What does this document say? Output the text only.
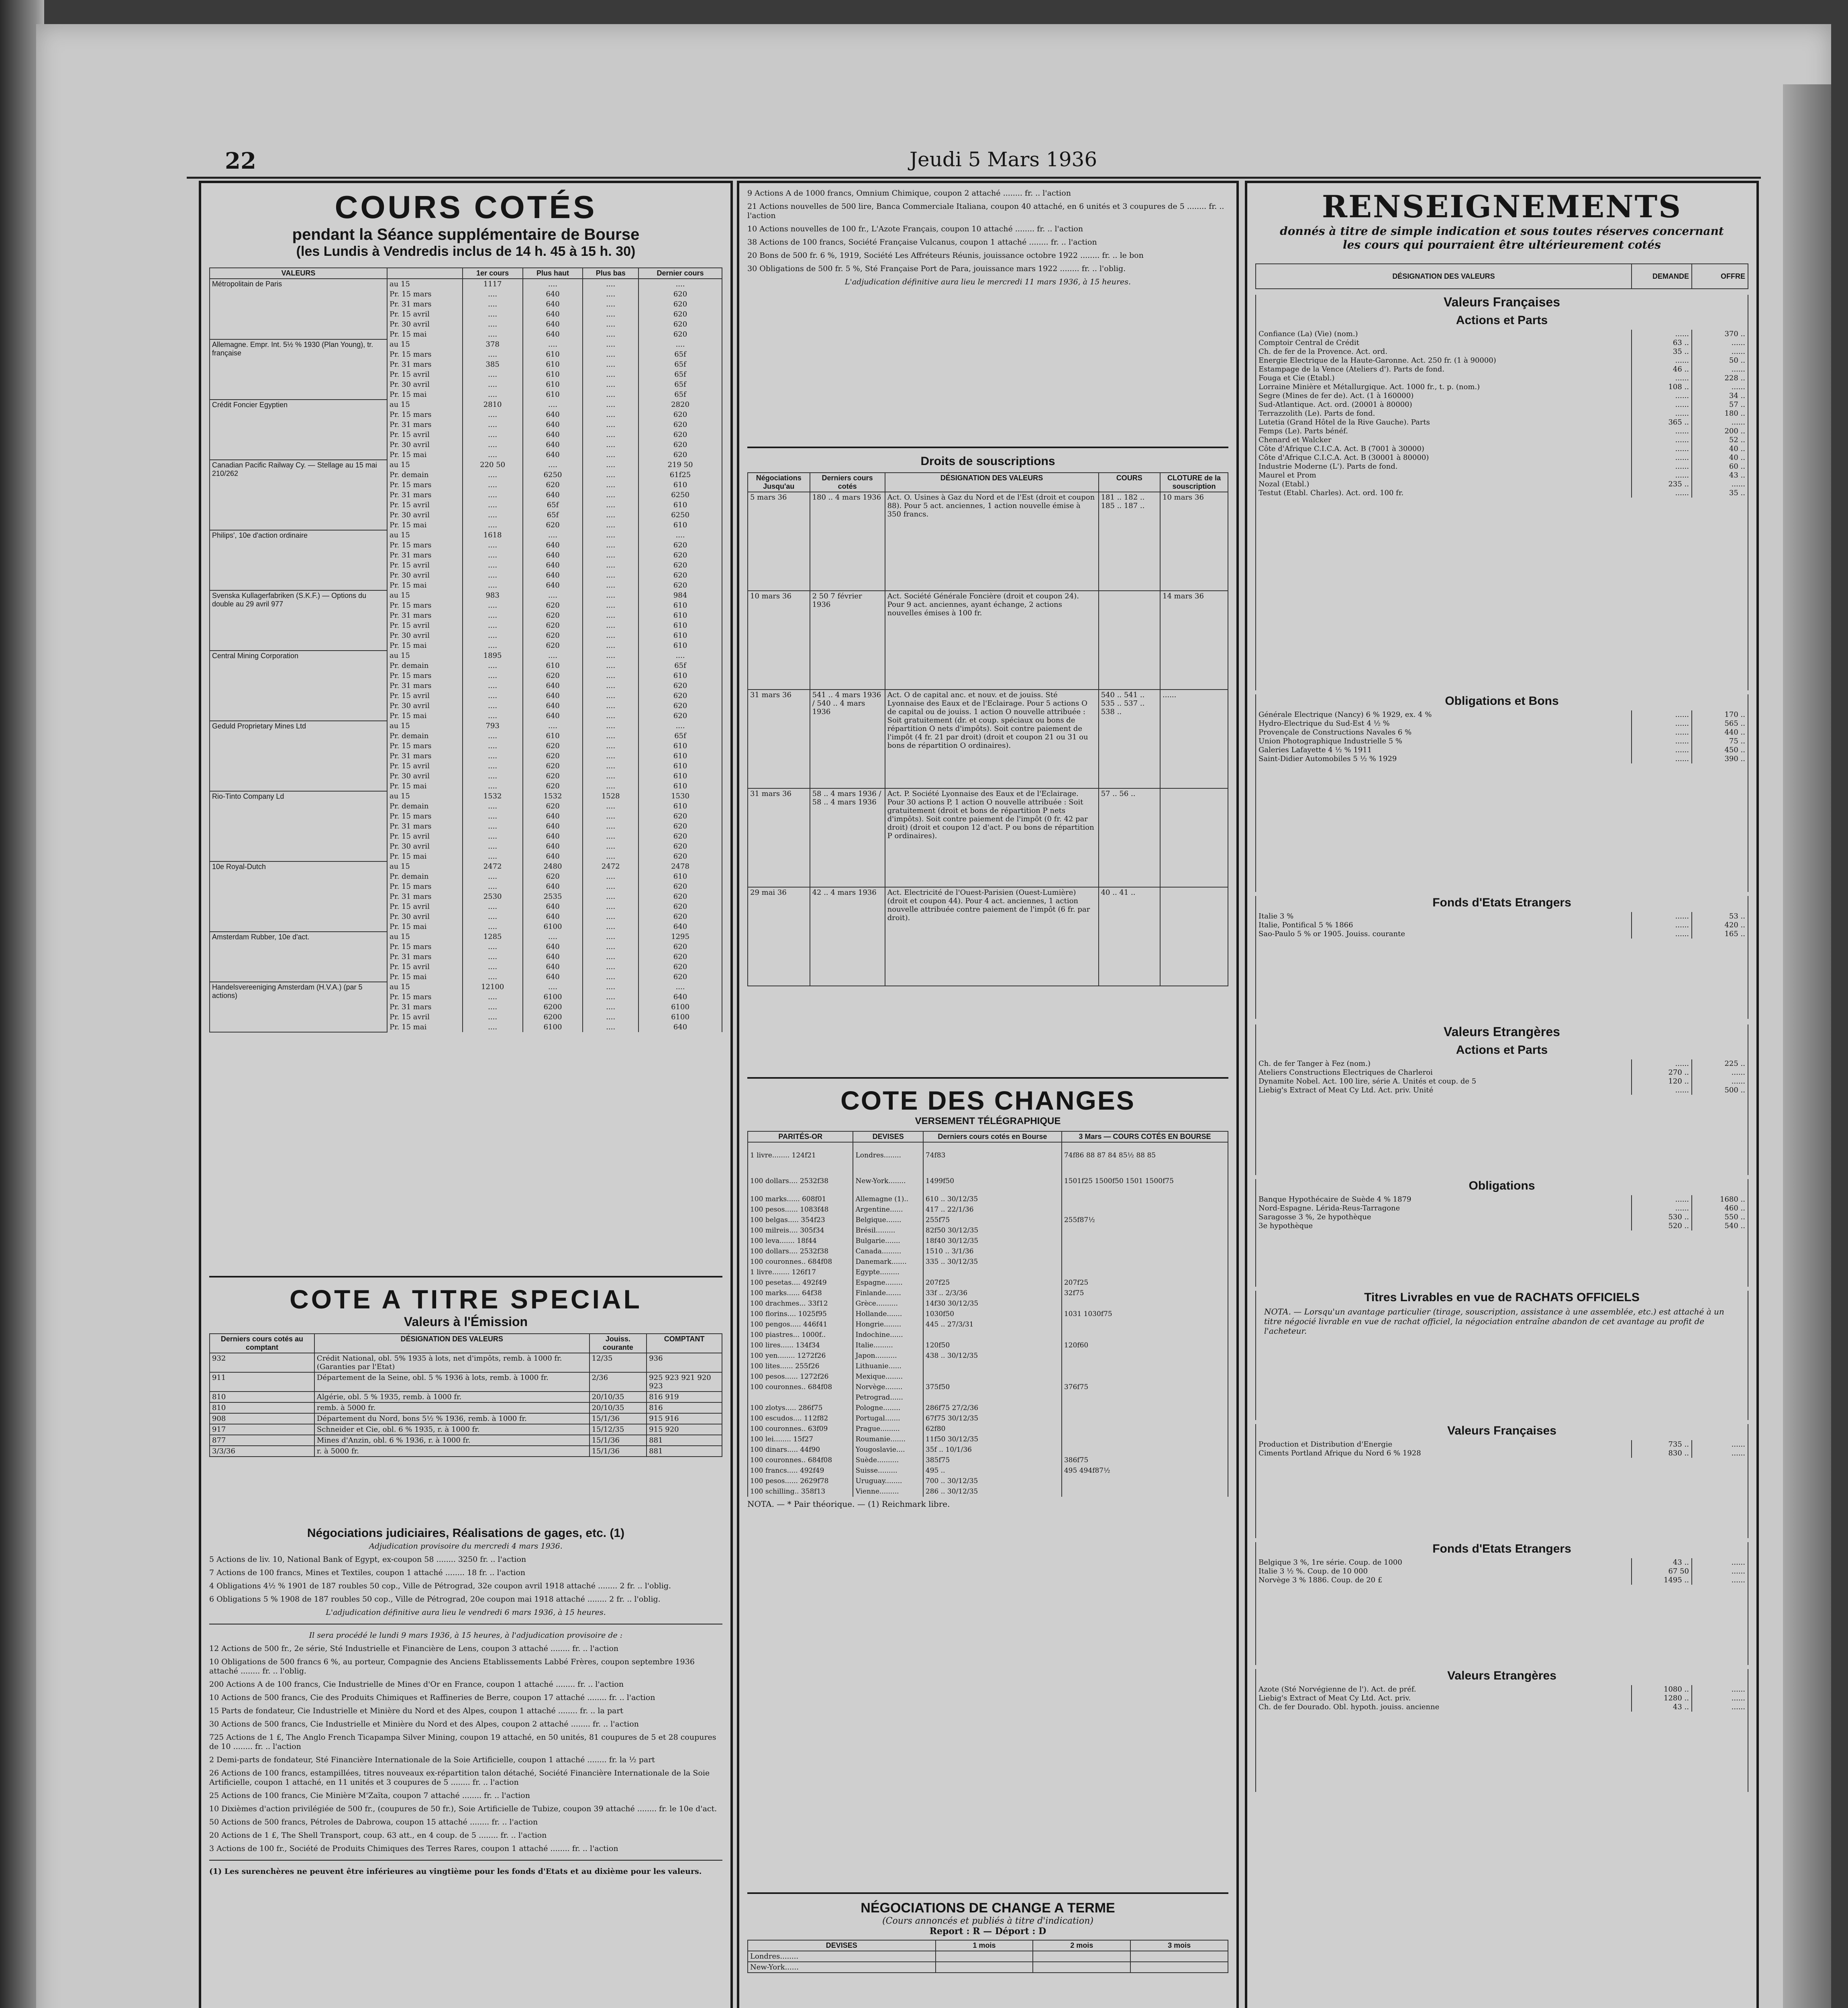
22	Jeudi 5 Mars 1936
COURS COTÉS
pendant la Séance supplémentaire de Bourse
(les Lundis à Vendredis inclus de 14 h. 45 à 15 h. 30)
VALEURS		1er cours	Plus haut	Plus bas	Dernier cours
Métropolitain de Paris	au 15	1117	....	....	....
	Pr. 15 mars	....	640	....	620
	Pr. 31 mars	....	640	....	620
	Pr. 15 avril	....	640	....	620
	Pr. 30 avril	....	640	....	620
	Pr. 15 mai	....	640	....	620
Allemagne. Empr. Int. 5½ % 1930 (Plan Young), tr. française	au 15	378	....	....	....
	Pr. 15 mars	....	610	....	65f
	Pr. 31 mars	385	610	....	65f
	Pr. 15 avril	....	610	....	65f
	Pr. 30 avril	....	610	....	65f
	Pr. 15 mai	....	610	....	65f
Crédit Foncier Egyptien	au 15	2810	....	....	2820
	Pr. 15 mars	....	640	....	620
	Pr. 31 mars	....	640	....	620
	Pr. 15 avril	....	640	....	620
	Pr. 30 avril	....	640	....	620
	Pr. 15 mai	....	640	....	620
Canadian Pacific Railway Cy. — Stellage au 15 mai 210/262	au 15	220 50	....	....	219 50
	Pr. demain	....	6250	....	61f25
	Pr. 15 mars	....	620	....	610
	Pr. 31 mars	....	640	....	6250
	Pr. 15 avril	....	65f	....	610
	Pr. 30 avril	....	65f	....	6250
	Pr. 15 mai	....	620	....	610
Philips', 10e d'action ordinaire	au 15	1618	....	....	....
	Pr. 15 mars	....	640	....	620
	Pr. 31 mars	....	640	....	620
	Pr. 15 avril	....	640	....	620
	Pr. 30 avril	....	640	....	620
	Pr. 15 mai	....	640	....	620
Svenska Kullagerfabriken (S.K.F.) — Options du double au 29 avril 977	au 15	983	....	....	984
	Pr. 15 mars	....	620	....	610
	Pr. 31 mars	....	620	....	610
	Pr. 15 avril	....	620	....	610
	Pr. 30 avril	....	620	....	610
	Pr. 15 mai	....	620	....	610
Central Mining Corporation	au 15	1895	....	....	....
	Pr. demain	....	610	....	65f
	Pr. 15 mars	....	620	....	610
	Pr. 31 mars	....	640	....	620
	Pr. 15 avril	....	640	....	620
	Pr. 30 avril	....	640	....	620
	Pr. 15 mai	....	640	....	620
Geduld Proprietary Mines Ltd	au 15	793	....	....	....
	Pr. demain	....	610	....	65f
	Pr. 15 mars	....	620	....	610
	Pr. 31 mars	....	620	....	610
	Pr. 15 avril	....	620	....	610
	Pr. 30 avril	....	620	....	610
	Pr. 15 mai	....	620	....	610
Rio-Tinto Company Ld	au 15	1532	1532	1528	1530
	Pr. demain	....	620	....	610
	Pr. 15 mars	....	640	....	620
	Pr. 31 mars	....	640	....	620
	Pr. 15 avril	....	640	....	620
	Pr. 30 avril	....	640	....	620
	Pr. 15 mai	....	640	....	620
10e Royal-Dutch	au 15	2472	2480	2472	2478
	Pr. demain	....	620	....	610
	Pr. 15 mars	....	640	....	620
	Pr. 31 mars	2530	2535	....	620
	Pr. 15 avril	....	640	....	620
	Pr. 30 avril	....	640	....	620
	Pr. 15 mai	....	6100	....	640
Amsterdam Rubber, 10e d'act.	au 15	1285	....	....	1295
	Pr. 15 mars	....	640	....	620
	Pr. 31 mars	....	640	....	620
	Pr. 15 avril	....	640	....	620
	Pr. 15 mai	....	640	....	620
Handelsvereeniging Amsterdam (H.V.A.) (par 5 actions)	au 15	12100	....	....	....
	Pr. 15 mars	....	6100	....	640
	Pr. 31 mars	....	6200	....	6100
	Pr. 15 avril	....	6200	....	6100
	Pr. 15 mai	....	6100	....	640
COTE A TITRE SPECIAL
Valeurs à l'Émission
Derniers cours cotés au comptant	DÉSIGNATION DES VALEURS	Jouiss. courante	COMPTANT
932	Crédit National, obl. 5% 1935 à lots, net d'impôts, remb. à 1000 fr. (Garanties par l'Etat)	12/35	936
911	Département de la Seine, obl. 5 % 1936 à lots, remb. à 1000 fr.	2/36	925 923 921 920 923
810	Algérie, obl. 5 % 1935, remb. à 1000 fr.	20/10/35	816 919
810	remb. à 5000 fr.	20/10/35	816
908	Département du Nord, bons 5½ % 1936, remb. à 1000 fr.	15/1/36	915 916
917	Schneider et Cie, obl. 6 % 1935, r. à 1000 fr.	15/12/35	915 920
877	Mines d'Anzin, obl. 6 % 1936, r. à 1000 fr.	15/1/36	881
3/3/36	r. à 5000 fr.	15/1/36	881
Négociations judiciaires, Réalisations de gages, etc. (1)

Adjudication provisoire du mercredi 4 mars 1936.

5 Actions de liv. 10, National Bank of Egypt, ex-coupon 58 ........ 3250 fr. .. l'action

7 Actions de 100 francs, Mines et Textiles, coupon 1 attaché ........ 18 fr. .. l'action

4 Obligations 4½ % 1901 de 187 roubles 50 cop., Ville de Pétrograd, 32e coupon avril 1918 attaché ........ 2 fr. .. l'oblig.

6 Obligations 5 % 1908 de 187 roubles 50 cop., Ville de Pétrograd, 20e coupon mai 1918 attaché ........ 2 fr. .. l'oblig.

L'adjudication définitive aura lieu le vendredi 6 mars 1936, à 15 heures.

Il sera procédé le lundi 9 mars 1936, à 15 heures, à l'adjudication provisoire de :

12 Actions de 500 fr., 2e série, Sté Industrielle et Financière de Lens, coupon 3 attaché ........ fr. .. l'action

10 Obligations de 500 francs 6 %, au porteur, Compagnie des Anciens Etablissements Labbé Frères, coupon septembre 1936 attaché ........ fr. .. l'oblig.

200 Actions A de 100 francs, Cie Industrielle de Mines d'Or en France, coupon 1 attaché ........ fr. .. l'action

10 Actions de 500 francs, Cie des Produits Chimiques et Raffineries de Berre, coupon 17 attaché ........ fr. .. l'action

15 Parts de fondateur, Cie Industrielle et Minière du Nord et des Alpes, coupon 1 attaché ........ fr. .. la part

30 Actions de 500 francs, Cie Industrielle et Minière du Nord et des Alpes, coupon 2 attaché ........ fr. .. l'action

725 Actions de 1 £, The Anglo French Ticapampa Silver Mining, coupon 19 attaché, en 50 unités, 81 coupures de 5 et 28 coupures de 10 ........ fr. .. l'action

2 Demi-parts de fondateur, Sté Financière Internationale de la Soie Artificielle, coupon 1 attaché ........ fr. la ½ part

26 Actions de 100 francs, estampillées, titres nouveaux ex-répartition talon détaché, Société Financière Internationale de la Soie Artificielle, coupon 1 attaché, en 11 unités et 3 coupures de 5 ........ fr. .. l'action

25 Actions de 100 francs, Cie Minière M'Zaïta, coupon 7 attaché ........ fr. .. l'action

10 Dixièmes d'action privilégiée de 500 fr., (coupures de 50 fr.), Soie Artificielle de Tubize, coupon 39 attaché ........ fr. le 10e d'act.

50 Actions de 500 francs, Pétroles de Dabrowa, coupon 15 attaché ........ fr. .. l'action

20 Actions de 1 £, The Shell Transport, coup. 63 att., en 4 coup. de 5 ........ fr. .. l'action

3 Actions de 100 fr., Société de Produits Chimiques des Terres Rares, coupon 1 attaché ........ fr. .. l'action

(1) Les surenchères ne peuvent être inférieures au vingtième pour les fonds d'Etats et au dixième pour les valeurs.

9 Actions A de 1000 francs, Omnium Chimique, coupon 2 attaché ........ fr. .. l'action

21 Actions nouvelles de 500 lire, Banca Commerciale Italiana, coupon 40 attaché, en 6 unités et 3 coupures de 5 ........ fr. .. l'action

10 Actions nouvelles de 100 fr., L'Azote Français, coupon 10 attaché ........ fr. .. l'action

38 Actions de 100 francs, Société Française Vulcanus, coupon 1 attaché ........ fr. .. l'action

20 Bons de 500 fr. 6 %, 1919, Société Les Affréteurs Réunis, jouissance octobre 1922 ........ fr. .. le bon

30 Obligations de 500 fr. 5 %, Sté Française Port de Para, jouissance mars 1922 ........ fr. .. l'oblig.

L'adjudication définitive aura lieu le mercredi 11 mars 1936, à 15 heures.

Droits de souscriptions
Négociations Jusqu'au	Derniers cours cotés	DÉSIGNATION DES VALEURS	COURS	CLOTURE de la souscription
5 mars 36	180 .. 4 mars 1936	Act. O. Usines à Gaz du Nord et de l'Est (droit et coupon 88). Pour 5 act. anciennes, 1 action nouvelle émise à 350 francs.	181 .. 182 .. 185 .. 187 ..	10 mars 36
10 mars 36	2 50 7 février 1936	Act. Société Générale Foncière (droit et coupon 24). Pour 9 act. anciennes, ayant échange, 2 actions nouvelles émises à 100 fr.		14 mars 36
31 mars 36	541 .. 4 mars 1936 / 540 .. 4 mars 1936	Act. O de capital anc. et nouv. et de jouiss. Sté Lyonnaise des Eaux et de l'Eclairage. Pour 5 actions O de capital ou de jouiss. 1 action O nouvelle attribuée : Soit gratuitement (dr. et coup. spéciaux ou bons de répartition O nets d'impôts). Soit contre paiement de l'impôt (4 fr. 21 par droit) (droit et coupon 21 ou 31 ou bons de répartition O ordinaires).	540 .. 541 .. 535 .. 537 .. 538 ..	......
31 mars 36	58 .. 4 mars 1936 / 58 .. 4 mars 1936	Act. P. Société Lyonnaise des Eaux et de l'Eclairage. Pour 30 actions P, 1 action O nouvelle attribuée : Soit gratuitement (droit et bons de répartition P nets d'impôts). Soit contre paiement de l'impôt (0 fr. 42 par droit) (droit et coupon 12 d'act. P ou bons de répartition P ordinaires).	57 .. 56 ..	
29 mai 36	42 .. 4 mars 1936	Act. Electricité de l'Ouest-Parisien (Ouest-Lumière) (droit et coupon 44). Pour 4 act. anciennes, 1 action nouvelle attribuée contre paiement de l'impôt (6 fr. par droit).	40 .. 41 ..	
COTE DES CHANGES
VERSEMENT TÉLÉGRAPHIQUE
PARITÉS-OR	DEVISES	Derniers cours cotés en Bourse	3 Mars — COURS COTÉS EN BOURSE
1 livre........ 124f21	Londres........	74f83	74f86 88 87 84 85½ 88 85
100 dollars.... 2532f38	New-York........	1499f50	1501f25 1500f50 1501 1500f75
100 marks...... 608f01	Allemagne (1)..	610 .. 30/12/35	
100 pesos...... 1083f48	Argentine......	417 .. 22/1/36	
100 belgas..... 354f23	Belgique.......	255f75	255f87½
100 milreis.... 305f34	Brésil.........	82f50 30/12/35	
100 leva....... 18f44	Bulgarie.......	18f40 30/12/35	
100 dollars.... 2532f38	Canada.........	1510 .. 3/1/36	
100 couronnes.. 684f08	Danemark.......	335 .. 30/12/35	
1 livre........ 126f17	Egypte.........		
100 pesetas.... 492f49	Espagne........	207f25	207f25
100 marks...... 64f38	Finlande.......	33f .. 2/3/36	32f75
100 drachmes... 33f12	Grèce..........	14f30 30/12/35	
100 florins.... 1025f95	Hollande.......	1030f50	1031 1030f75
100 pengos..... 446f41	Hongrie........	445 .. 27/3/31	
100 piastres... 1000f..	Indochine......		
100 lires...... 134f34	Italie.........	120f50	120f60
100 yen........ 1272f26	Japon..........	438 .. 30/12/35	
100 lites...... 255f26	Lithuanie......		
100 pesos...... 1272f26	Mexique........		
100 couronnes.. 684f08	Norvège........	375f50	376f75
	Petrograd......		
100 zlotys..... 286f75	Pologne........	286f75 27/2/36	
100 escudos.... 112f82	Portugal.......	67f75 30/12/35	
100 couronnes.. 63f09	Prague.........	62f80	
100 lei........ 15f27	Roumanie.......	11f50 30/12/35	
100 dinars..... 44f90	Yougoslavie....	35f .. 10/1/36	
100 couronnes.. 684f08	Suède..........	385f75	386f75
100 francs..... 492f49	Suisse.........	495 ..	495 494f87½
100 pesos...... 2629f78	Uruguay........	700 .. 30/12/35	
100 schilling.. 358f13	Vienne.........	286 .. 30/12/35	
NOTA. — * Pair théorique. — (1) Reichmark libre.
NÉGOCIATIONS DE CHANGE A TERME
(Cours annoncés et publiés à titre d'indication)
Report : R — Déport : D
DEVISES	1 mois	2 mois	3 mois
Londres........			
New-York......			
RENSEIGNEMENTS
donnés à titre de simple indication et sous toutes réserves concernant les cours qui pourraient être ultérieurement cotés
DÉSIGNATION DES VALEURS	DEMANDE	OFFRE
Valeurs Françaises
Actions et Parts
Confiance (La) (Vie) (nom.)	......	370 ..
Comptoir Central de Crédit	63 ..	......
Ch. de fer de la Provence. Act. ord.	35 ..	......
Energie Electrique de la Haute-Garonne. Act. 250 fr. (1 à 90000)	......	50 ..
Estampage de la Vence (Ateliers d'). Parts de fond.	46 ..	......
Fouga et Cie (Etabl.)	......	228 ..
Lorraine Minière et Métallurgique. Act. 1000 fr., t. p. (nom.)	108 ..	......
Segre (Mines de fer de). Act. (1 à 160000)	......	34 ..
Sud-Atlantique. Act. ord. (20001 à 80000)	......	57 ..
Terrazzolith (Le). Parts de fond.	......	180 ..
Lutetia (Grand Hôtel de la Rive Gauche). Parts	365 ..	......
Femps (Le). Parts bénéf.	......	200 ..
Chenard et Walcker	......	52 ..
Côte d'Afrique C.I.C.A. Act. B (7001 à 30000)	......	40 ..
Côte d'Afrique C.I.C.A. Act. B (30001 à 80000)	......	40 ..
Industrie Moderne (L'). Parts de fond.	......	60 ..
Maurel et Prom	......	43 ..
Nozal (Etabl.)	235 ..	......
Testut (Etabl. Charles). Act. ord. 100 fr.	......	35 ..
Obligations et Bons
Générale Electrique (Nancy) 6 % 1929, ex. 4 %	......	170 ..
Hydro-Electrique du Sud-Est 4 ½ %	......	565 ..
Provençale de Constructions Navales 6 %	......	440 ..
Union Photographique Industrielle 5 %	......	75 ..
Galeries Lafayette 4 ½ % 1911	......	450 ..
Saint-Didier Automobiles 5 ½ % 1929	......	390 ..
Fonds d'Etats Etrangers
Italie 3 %	......	53 ..
Italie, Pontifical 5 % 1866	......	420 ..
Sao-Paulo 5 % or 1905. Jouiss. courante	......	165 ..
Valeurs Etrangères
Actions et Parts
Ch. de fer Tanger à Fez (nom.)	......	225 ..
Ateliers Constructions Electriques de Charleroi	270 ..	......
Dynamite Nobel. Act. 100 lire, série A. Unités et coup. de 5	120 ..	......
Liebig's Extract of Meat Cy Ltd. Act. priv. Unité	......	500 ..
Obligations
Banque Hypothécaire de Suède 4 % 1879	......	1680 ..
Nord-Espagne. Lérida-Reus-Tarragone	......	460 ..
Saragosse 3 %, 2e hypothèque	530 ..	550 ..
3e hypothèque	520 ..	540 ..
Titres Livrables en vue de RACHATS OFFICIELS
NOTA. — Lorsqu'un avantage particulier (tirage, souscription, assistance à une assemblée, etc.) est attaché à un titre négocié livrable en vue de rachat officiel, la négociation entraîne abandon de cet avantage au profit de l'acheteur.
Valeurs Françaises
Production et Distribution d'Energie	735 ..	......
Ciments Portland Afrique du Nord 6 % 1928	830 ..	......
Fonds d'Etats Etrangers
Belgique 3 %, 1re série. Coup. de 1000	43 ..	......
Italie 3 ½ %. Coup. de 10 000	67 50	......
Norvège 3 % 1886. Coup. de 20 £	1495 ..	......
Valeurs Etrangères
Azote (Sté Norvégienne de l'). Act. de préf.	1080 ..	......
Liebig's Extract of Meat Cy Ltd. Act. priv.	1280 ..	......
Ch. de fer Dourado. Obl. hypoth. jouiss. ancienne	43 ..	......
